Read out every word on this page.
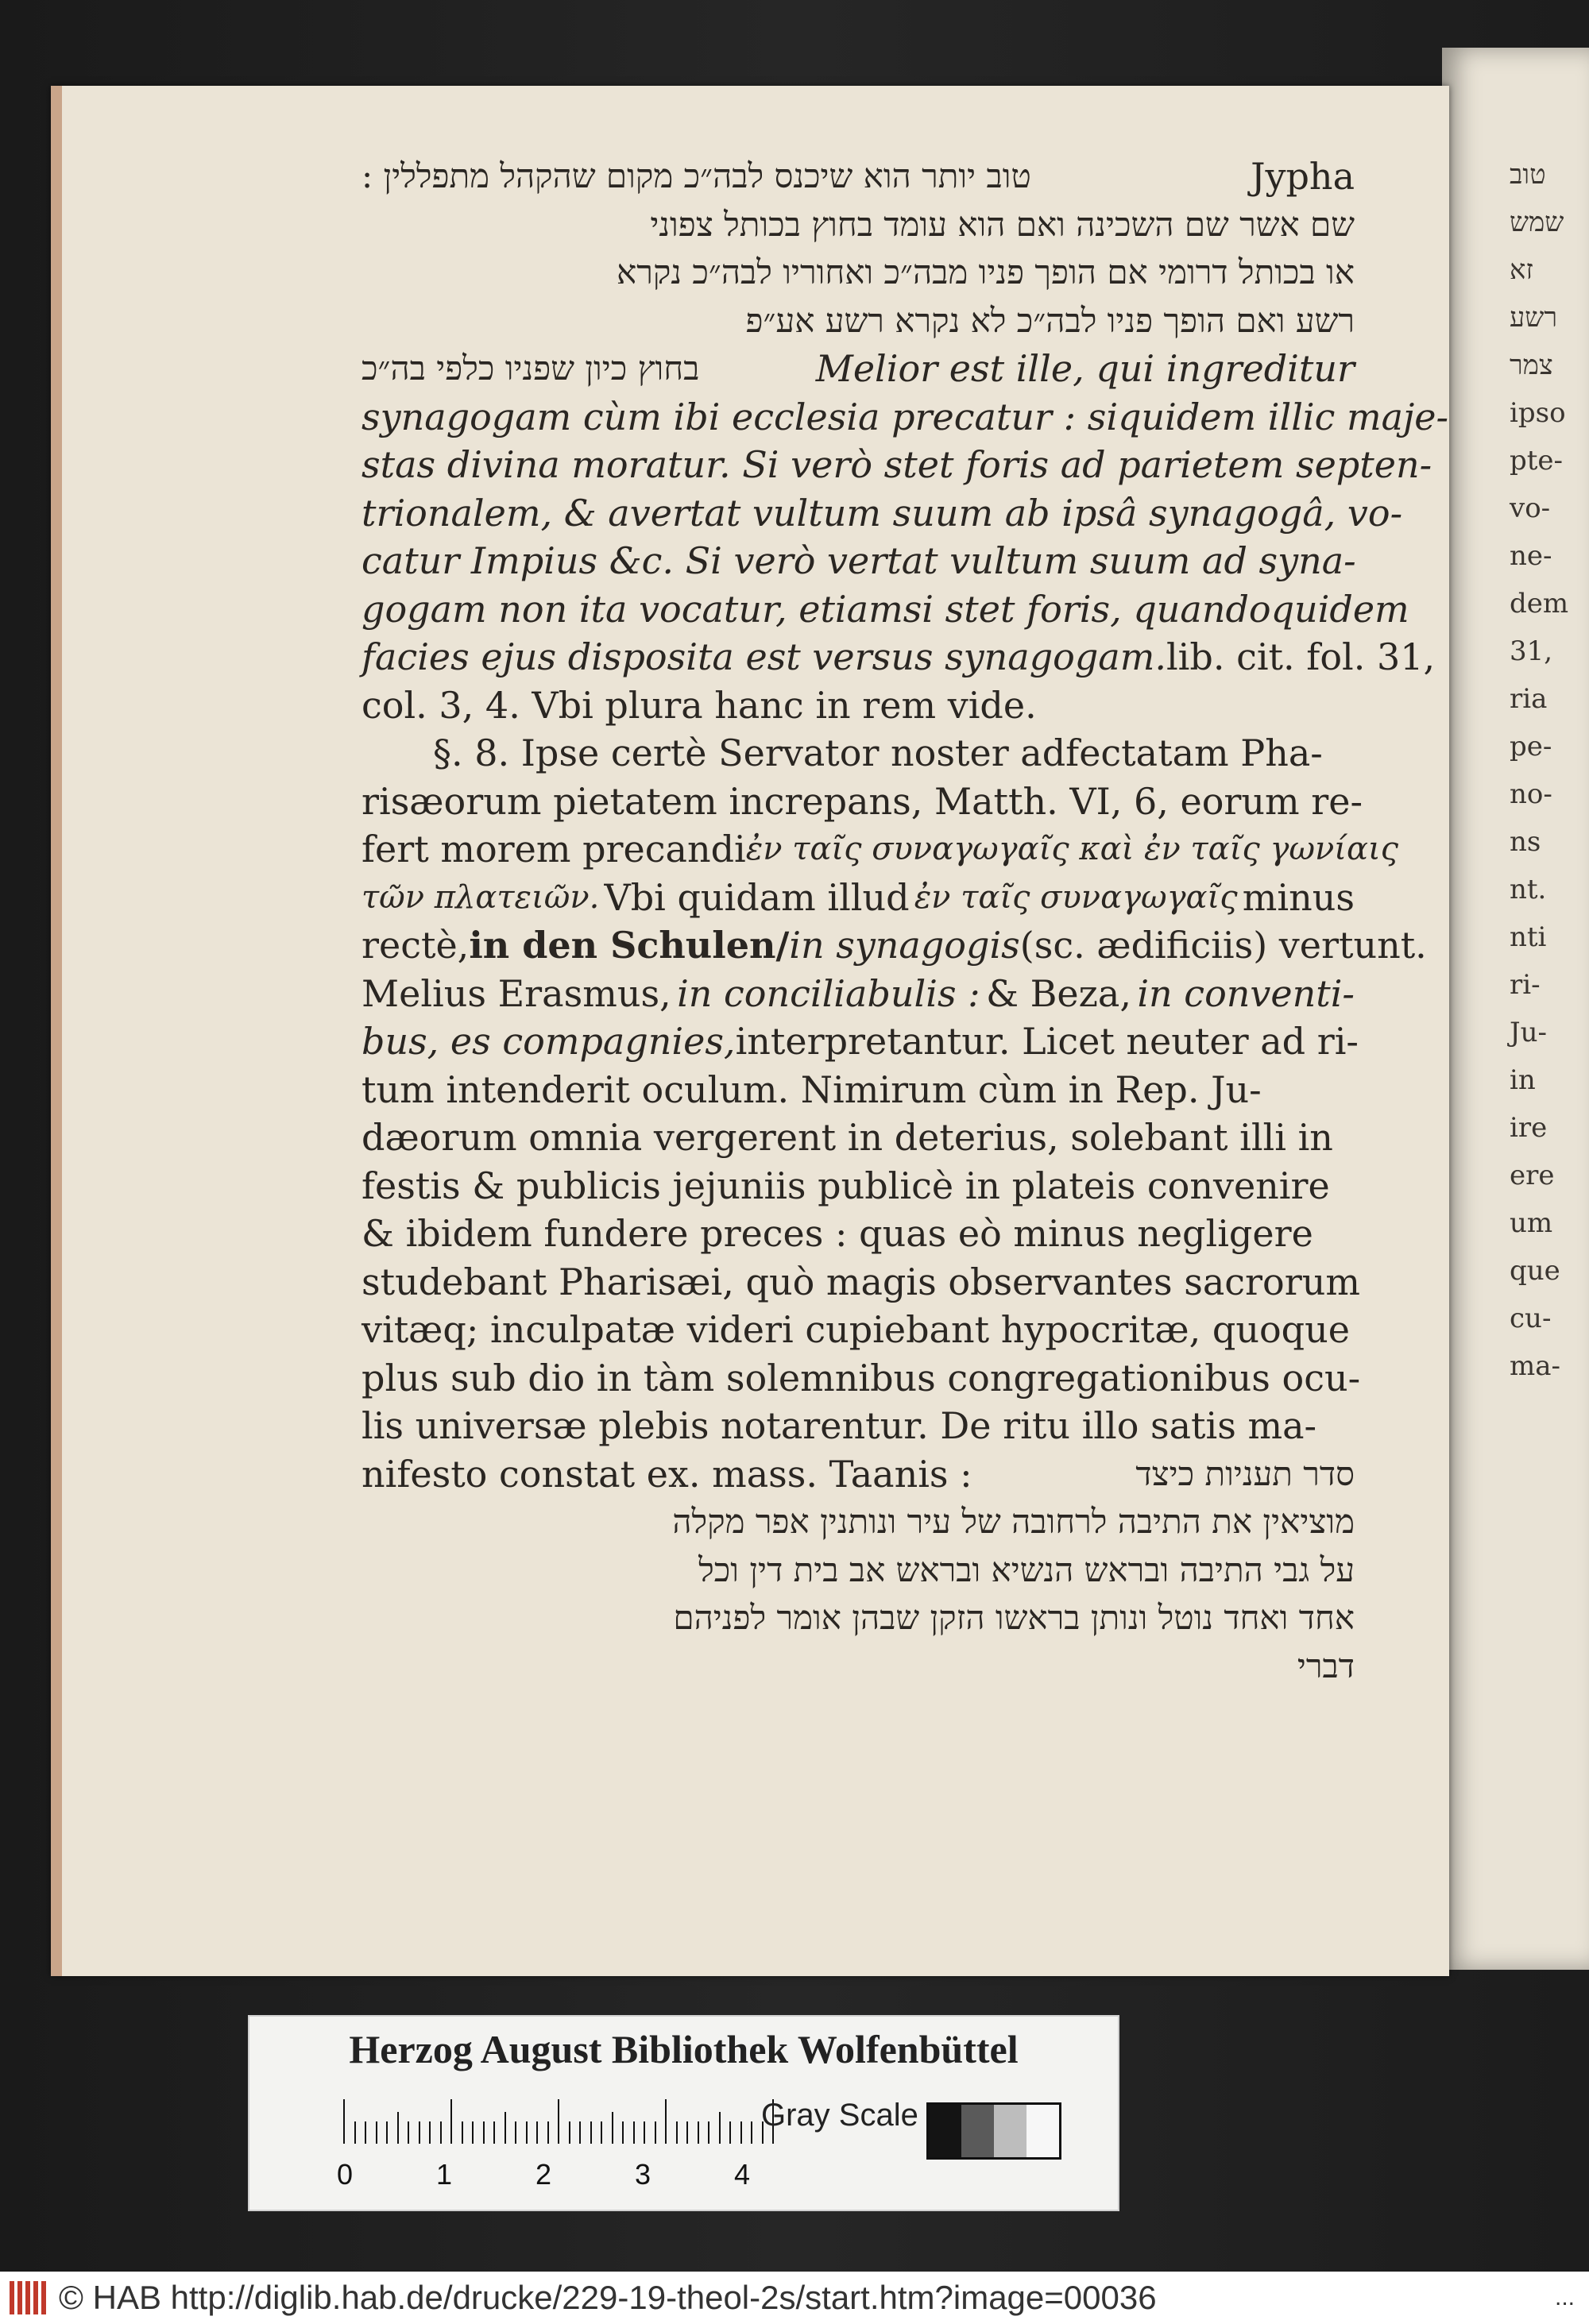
טוב
שמש
זא
רשע
צמר
ipso
pte-
vo-
ne-
dem
31,
ria
pe-
no-
ns
nt.
nti
ri-
Ju-
in
ire
ere
um
que
cu-
ma-
טוב יותר הוא שיכנס לבה״כ מקום שהקהל מתפללין :	Jypha
שם אשר שם השכינה ואם הוא עומד בחוץ בכותל צפוני
או בכותל דרומי אם הופך פניו מבה״כ ואחוריו לבה״כ נקרא
רשע ואם הופך פניו לבה״כ לא נקרא רשע אע״פ
בחוץ כיון שפניו כלפי בה״כ	Melior est ille, qui ingreditur
synagogam cùm ibi ecclesia precatur : siquidem illic maje-
stas divina moratur. Si verò stet foris ad parietem septen-
trionalem, & avertat vultum suum ab ipsâ synagogâ, vo-
catur Impius &c. Si verò vertat vultum suum ad syna-
gogam non ita vocatur, etiamsi stet foris, quandoquidem
facies ejus disposita est versus synagogam. lib. cit. fol. 31,
col. 3, 4. Vbi plura hanc in rem vide.
§. 8. Ipse certè Servator noster adfectatam Pha-
risæorum pietatem increpans, Matth. VI, 6, eorum re-
fert morem precandi ἐν ταῖς συναγωγαῖς καὶ ἐν ταῖς γωνίαις
τῶν πλατειῶν. Vbi quidam illud ἐν ταῖς συναγωγαῖς minus
rectè, in den Schulen/ in synagogis (sc. ædificiis) vertunt.
Melius Erasmus, in conciliabulis : & Beza, in conventi-
bus, es compagnies, interpretantur. Licet neuter ad ri-
tum intenderit oculum. Nimirum cùm in Rep. Ju-
dæorum omnia vergerent in deterius, solebant illi in
festis & publicis jejuniis publicè in plateis convenire
& ibidem fundere preces : quas eò minus negligere
studebant Pharisæi, quò magis observantes sacrorum
vitæq; inculpatæ videri cupiebant hypocritæ, quoque
plus sub dio in tàm solemnibus congregationibus ocu-
lis universæ plebis notarentur. De ritu illo satis ma-
nifesto constat ex. mass. Taanis :	סדר תעניות כיצד
מוציאין את התיבה לרחובה של עיר ונותנין אפר מקלה
על גבי התיבה ובראש הנשיא ובראש אב בית דין וכל
אחד ואחד נוטל ונותן בראשו הזקן שבהן אומר לפניהם
דברי
Herzog August Bibliothek Wolfenbüttel
0	1	2	3	4
Gray Scale
© HAB http://diglib.hab.de/drucke/229-19-theol-2s/start.htm?image=00036	...
